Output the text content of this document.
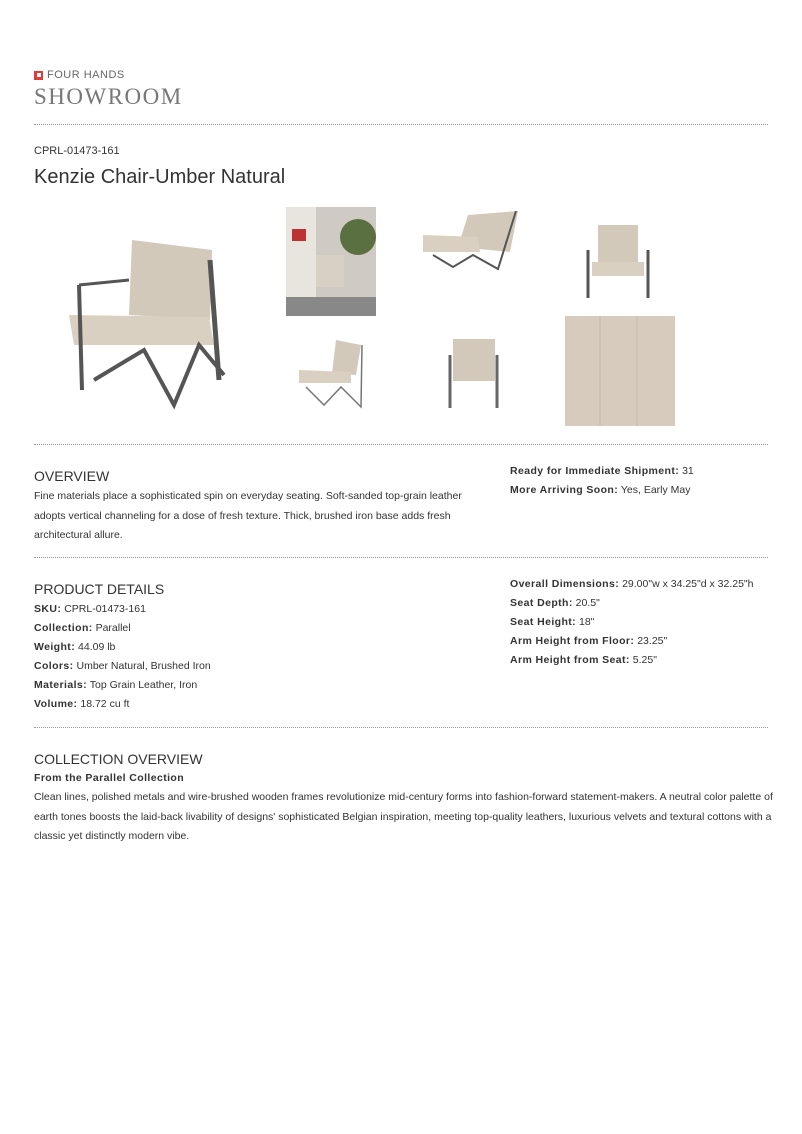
FOUR HANDS
SHOWROOM
CPRL-01473-161
Kenzie Chair-Umber Natural
OVERVIEW
Fine materials place a sophisticated spin on everyday seating. Soft-sanded top-grain leather adopts vertical channeling for a dose of fresh texture. Thick, brushed iron base adds fresh architectural allure.
Ready for Immediate Shipment: 31
More Arriving Soon: Yes, Early May
PRODUCT DETAILS
SKU: CPRL-01473-161
Collection: Parallel
Weight: 44.09 lb
Colors: Umber Natural, Brushed Iron
Materials: Top Grain Leather, Iron
Volume: 18.72 cu ft
Overall Dimensions: 29.00"w x 34.25"d x 32.25"h
Seat Depth: 20.5"
Seat Height: 18"
Arm Height from Floor: 23.25"
Arm Height from Seat: 5.25"
COLLECTION OVERVIEW
From the Parallel Collection
Clean lines, polished metals and wire-brushed wooden frames revolutionize mid-century forms into fashion-forward statement-makers. A neutral color palette of earth tones boosts the laid-back livability of designs' sophisticated Belgian inspiration, meeting top-quality leathers, luxurious velvets and textural cottons with a classic yet distinctly modern vibe.
